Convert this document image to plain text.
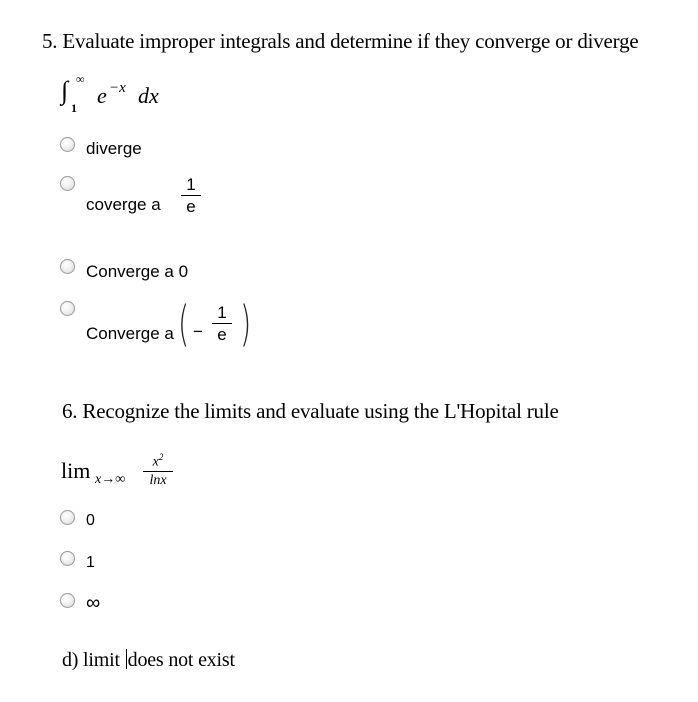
5. Evaluate improper integrals and determine if they converge or diverge
∫ ∞
1 e −x dx
diverge
coverge a
1
e
Converge a 0
Converge a ( −
1
e )
6. Recognize the limits and evaluate using the L'Hopital rule
lim x→∞
$x^2$
lnx
0
1
∞
d) limit does not exist
